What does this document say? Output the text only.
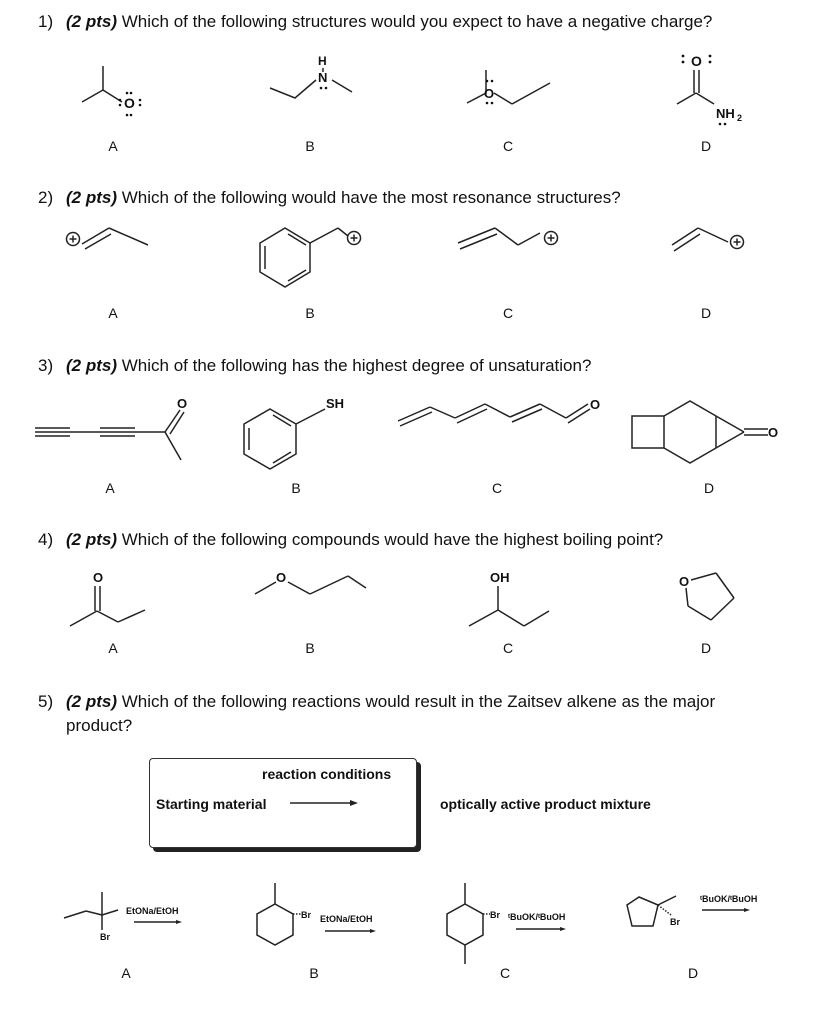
1) (2 pts) Which of the following structures would you expect to have a negative charge?
2) (2 pts) Which of the following would have the most resonance structures?
3) (2 pts) Which of the following has the highest degree of unsaturation?
4) (2 pts) Which of the following compounds would have the highest boiling point?
5) (2 pts) Which of the following reactions would result in the Zaitsev alkene as the major
product?
A	B	C	D
A	B	C	D
A	B	C	D
A	B	C	D
A	B	C	D
reaction conditions
Starting material	optically active product mixture
O
H
N
O
O
NH 2
O	SH	O
O
O	O	OH	O
Br
EtONa/EtOH	Br EtONa/EtOH	Br ᵗBuOK/ᵗBuOH	Br
ᵗBuOK/ᵗBuOH
